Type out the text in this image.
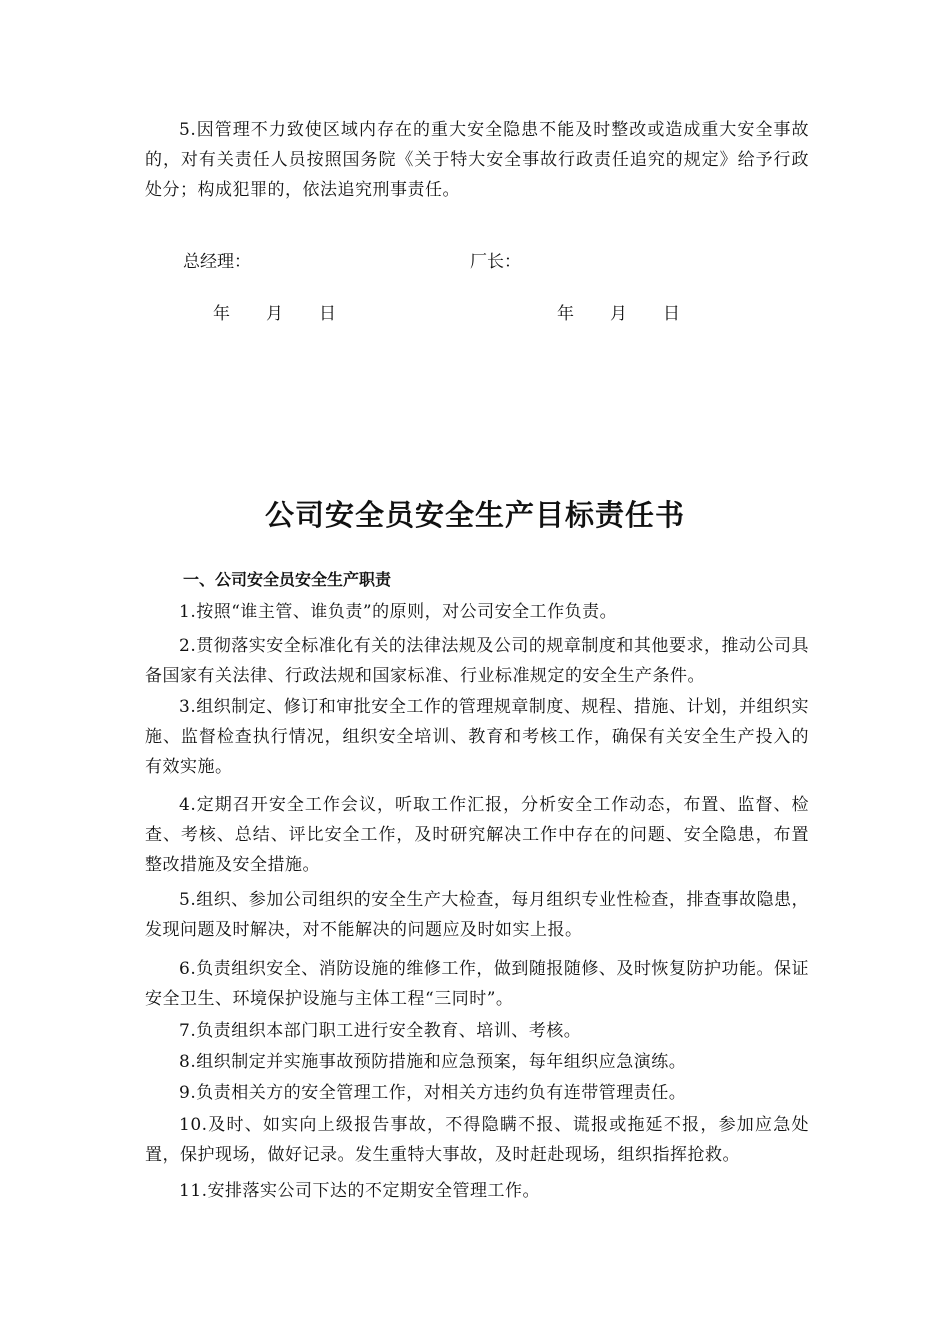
5.因管理不力致使区域内存在的重大安全隐患不能及时整改或造成重大安全事故的，对有关责任人员按照国务院《关于特大安全事故行政责任追究的规定》给予行政处分；构成犯罪的，依法追究刑事责任。

总经理：	厂长：
年 月 日	年 月 日
公司安全员安全生产目标责任书
一、公司安全员安全生产职责

1.按照“谁主管、谁负责”的原则，对公司安全工作负责。

2.贯彻落实安全标准化有关的法律法规及公司的规章制度和其他要求，推动公司具备国家有关法律、行政法规和国家标准、行业标准规定的安全生产条件。

3.组织制定、修订和审批安全工作的管理规章制度、规程、措施、计划，并组织实施、监督检查执行情况，组织安全培训、教育和考核工作，确保有关安全生产投入的有效实施。

4.定期召开安全工作会议，听取工作汇报，分析安全工作动态，布置、监督、检查、考核、总结、评比安全工作，及时研究解决工作中存在的问题、安全隐患，布置整改措施及安全措施。

5.组织、参加公司组织的安全生产大检查，每月组织专业性检查，排查事故隐患，发现问题及时解决，对不能解决的问题应及时如实上报。

6.负责组织安全、消防设施的维修工作，做到随报随修、及时恢复防护功能。保证安全卫生、环境保护设施与主体工程“三同时”。

7.负责组织本部门职工进行安全教育、培训、考核。

8.组织制定并实施事故预防措施和应急预案，每年组织应急演练。

9.负责相关方的安全管理工作，对相关方违约负有连带管理责任。

10.及时、如实向上级报告事故，不得隐瞒不报、谎报或拖延不报，参加应急处置，保护现场，做好记录。发生重特大事故，及时赶赴现场，组织指挥抢救。

11.安排落实公司下达的不定期安全管理工作。
